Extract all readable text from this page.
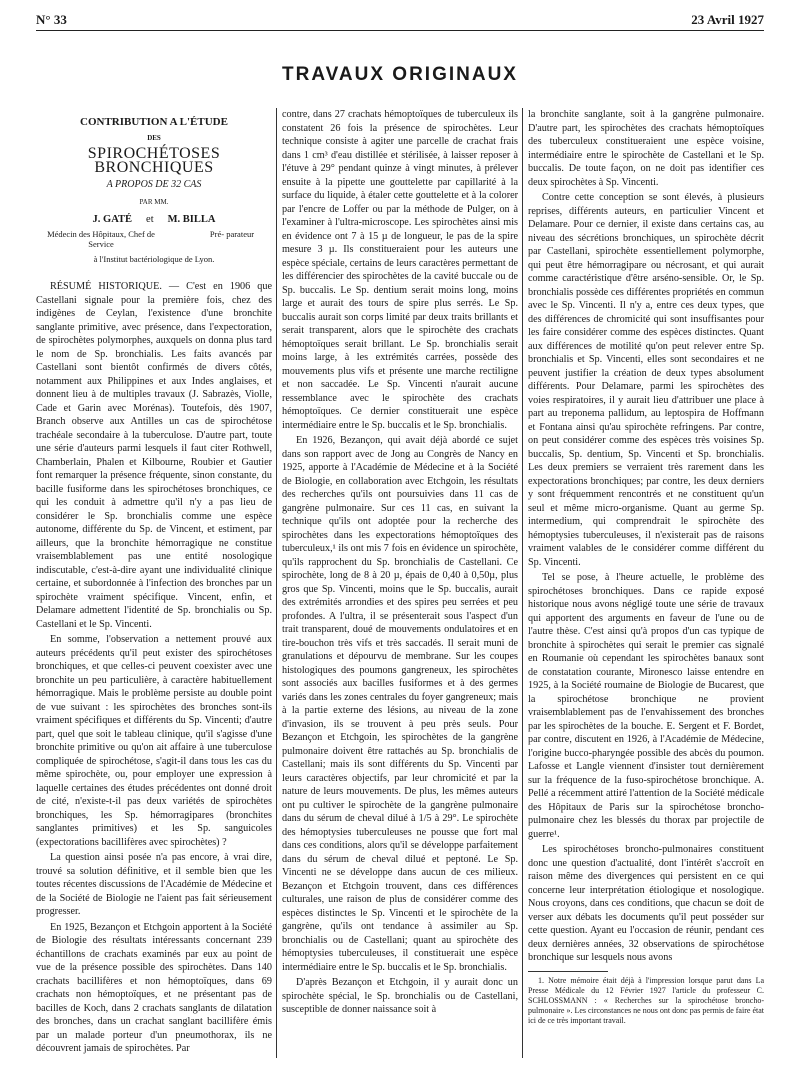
N° 33	23 Avril 1927
TRAVAUX ORIGINAUX
CONTRIBUTION A L'ÉTUDE
DES
SPIROCHÉTOSES BRONCHIQUES
A PROPOS DE 32 CAS
PAR MM.
J. GATÉ et M. BILLA
Médecin des Hôpitaux, Chef de Service
Pré- parateur
à l'Institut bactériologique de Lyon.

RÉSUMÉ HISTORIQUE. — C'est en 1906 que Castellani signale pour la première fois, chez des indigènes de Ceylan, l'existence d'une bronchite sanglante primitive, avec présence, dans l'expectoration, de spirochètes polymorphes, auxquels on donna plus tard le nom de Sp. bronchialis. Les faits avancés par Castellani sont bientôt confirmés de divers côtés, notamment aux Philippines et aux Indes anglaises, et donnent lieu à de multiples travaux (J. Sabrazès, Violle, Cade et Garin avec Morénas). Toutefois, dès 1907, Branch observe aux Antilles un cas de spirochétose trachéale secondaire à la tuberculose. D'autre part, toute une série d'auteurs parmi lesquels il faut citer Rothwell, Chamberlain, Phalen et Kilbourne, Roubier et Gautier font remarquer la présence fréquente, sinon constante, du bacille fusiforme dans les spirochétoses bronchiques, ce qui les conduit à admettre qu'il n'y a pas lieu de considérer le Sp. bronchialis comme une espèce autonome, différente du Sp. de Vincent, et estiment, par ailleurs, que la bronchite hémorragique ne constitue vraisemblablement pas une entité nosologique indiscutable, c'est-à-dire ayant une individualité clinique certaine, et subordonnée à l'infection des bronches par un spirochète vraiment spécifique. Vincent, enfin, et Delamare admettent l'identité de Sp. bronchialis ou Sp. Castellani et le Sp. Vincenti.

En somme, l'observation a nettement prouvé aux auteurs précédents qu'il peut exister des spirochétoses bronchiques, et que celles-ci peuvent coexister avec une bronchite un peu particulière, à caractère habituellement hémorragique. Mais le problème persiste au double point de vue suivant : les spirochètes des bronches sont-ils vraiment spécifiques et différents du Sp. Vincenti; d'autre part, quel que soit le tableau clinique, qu'il s'agisse d'une bronchite primitive ou qu'on ait affaire à une tuberculose compliquée de spirochétose, s'agit-il dans tous les cas du même spirochète, ou, pour employer une expression à laquelle certaines des études précédentes ont donné droit de cité, n'existe-t-il pas deux variétés de spirochètes bronchiques, les Sp. hémorragipares (bronchites sanglantes primitives) et les Sp. sanguicoles (expectorations bacillifères avec spirochètes) ?

La question ainsi posée n'a pas encore, à vrai dire, trouvé sa solution définitive, et il semble bien que les toutes récentes discussions de l'Académie de Médecine et de la Société de Biologie ne l'aient pas fait sérieusement progresser.

En 1925, Bezançon et Etchgoin apportent à la Société de Biologie des résultats intéressants concernant 239 échantillons de crachats examinés par eux au point de vue de la présence possible des spirochètes. Dans 140 crachats bacillifères et non hémoptoïques, dans 69 crachats non hémoptoïques, et ne présentant pas de bacilles de Koch, dans 2 crachats sanglants de dilatation des bronches, dans un crachat sanglant bacillifère émis par un malade porteur d'un pneumothorax, ils ne découvrent jamais de spirochètes. Par

contre, dans 27 crachats hémoptoïques de tuberculeux ils constatent 26 fois la présence de spirochètes. Leur technique consiste à agiter une parcelle de crachat frais dans 1 cm³ d'eau distillée et stérilisée, à laisser reposer à l'étuve à 29° pendant quinze à vingt minutes, à prélever ensuite à la pipette une gouttelette par capillarité à la surface du liquide, à étaler cette gouttelette et à la colorer par l'encre de Loffer ou par la méthode de Pulger, on à l'examiner à l'ultra-microscope. Les spirochètes ainsi mis en évidence ont 7 à 15 µ de longueur, le pas de la spire mesure 3 µ. Ils constitueraient pour les auteurs une espèce spéciale, certains de leurs caractères permettant de les différencier des spirochètes de la cavité buccale ou de Sp. buccalis. Le Sp. dentium serait moins long, moins large et aurait des tours de spire plus serrés. Le Sp. buccalis aurait son corps limité par deux traits brillants et serait transparent, alors que le spirochète des crachats hémoptoïques serait brillant. Le Sp. bronchialis serait moins large, à les extrémités carrées, possède des mouvements plus vifs et présente une marche rectiligne et non saccadée. Le Sp. Vincenti n'aurait aucune ressemblance avec le spirochète des crachats hémoptoïques. Ce dernier constituerait une espèce intermédiaire entre le Sp. buccalis et le Sp. bronchialis.

En 1926, Bezançon, qui avait déjà abordé ce sujet dans son rapport avec de Jong au Congrès de Nancy en 1925, apporte à l'Académie de Médecine et à la Société de Biologie, en collaboration avec Etchgoin, les résultats des recherches qu'ils ont poursuivies dans 11 cas de gangrène pulmonaire. Sur ces 11 cas, en suivant la technique qu'ils ont adoptée pour la recherche des spirochètes dans les expectorations hémoptoïques des tuberculeux,¹ ils ont mis 7 fois en évidence un spirochète, qu'ils rapprochent du Sp. bronchialis de Castellani. Ce spirochète, long de 8 à 20 µ, épais de 0,40 à 0,50µ, plus gros que Sp. Vincenti, moins que le Sp. buccalis, aurait des extrémités arrondies et des spires peu serrées et peu profondes. A l'ultra, il se présenterait sous l'aspect d'un trait transparent, doué de mouvements ondulatoires et en tire-bouchon très vifs et très saccadés. Il serait muni de granulations et dépourvu de membrane. Sur les coupes histologiques des poumons gangreneux, les spirochètes sont associés aux bacilles fusiformes et à des germes variés dans les zones centrales du foyer gangreneux; mais à la partie externe des lésions, au niveau de la zone d'invasion, ils se trouvent à peu près seuls. Pour Bezançon et Etchgoin, les spirochètes de la gangrène pulmonaire doivent être rattachés au Sp. bronchialis de Castellani; mais ils sont différents du Sp. Vincenti par leurs caractères objectifs, par leur chromicité et par la nature de leurs mouvements. De plus, les mêmes auteurs ont pu cultiver le spirochète de la gangrène pulmonaire dans du sérum de cheval dilué à 1/5 à 29°. Le spirochète des hémoptysies tuberculeuses ne pousse que fort mal dans ces conditions, alors qu'il se développe parfaitement dans du sérum de cheval dilué et peptoné. Le Sp. Vincenti ne se développe dans aucun de ces milieux. Bezançon et Etchgoin trouvent, dans ces différences culturales, une raison de plus de considérer comme des espèces distinctes le Sp. Vincenti et le spirochète de la gangrène, qu'ils ont tendance à assimiler au Sp. bronchialis ou de Castellani; quant au spirochète des hémoptysies tuberculeuses, il constituerait une espèce intermédiaire entre le Sp. buccalis et le Sp. bronchialis.

D'après Bezançon et Etchgoin, il y aurait donc un spirochète spécial, le Sp. bronchialis ou de Castellani, susceptible de donner naissance soit à

la bronchite sanglante, soit à la gangrène pulmonaire. D'autre part, les spirochètes des crachats hémoptoïques des tuberculeux constitueraient une espèce voisine, intermédiaire entre le spirochète de Castellani et le Sp. buccalis. De toute façon, on ne doit pas identifier ces deux spirochètes à Sp. Vincenti.

Contre cette conception se sont élevés, à plusieurs reprises, différents auteurs, en particulier Vincent et Delamare. Pour ce dernier, il existe dans certains cas, au niveau des sécrétions bronchiques, un spirochète décrit par Castellani, spirochète essentiellement polymorphe, qui peut être hémorragipare ou nécrosant, et qui aurait comme caractéristique d'être arséno-sensible. Or, le Sp. bronchialis possède ces différentes propriétés en commun avec le Sp. Vincenti. Il n'y a, entre ces deux types, que des différences de chromicité qui sont insuffisantes pour les faire considérer comme des espèces distinctes. Quant aux différences de motilité qu'on peut relever entre Sp. bronchialis et Sp. Vincenti, elles sont secondaires et ne peuvent justifier la création de deux types absolument différents. Pour Delamare, parmi les spirochètes des voies respiratoires, il y aurait lieu d'attribuer une place à part au treponema pallidum, au leptospira de Hoffmann et Fontana ainsi qu'au spirochète refringens. Par contre, on peut considérer comme des espèces très voisines Sp. buccalis, Sp. dentium, Sp. Vincenti et Sp. bronchialis. Les deux premiers se verraient très rarement dans les expectorations bronchiques; par contre, les deux derniers y sont fréquemment rencontrés et ne constituent qu'un seul et même micro-organisme. Quant au germe Sp. intermedium, qui comprendrait le spirochète des hémoptysies tuberculeuses, il n'existerait pas de raisons vraiment valables de le considérer comme différent du Sp. Vincenti.

Tel se pose, à l'heure actuelle, le problème des spirochétoses bronchiques. Dans ce rapide exposé historique nous avons négligé toute une série de travaux qui apportent des arguments en faveur de l'une ou de l'autre thèse. C'est ainsi qu'à propos d'un cas typique de bronchite à spirochètes qui serait le premier cas signalé en Roumanie où cependant les spirochètes banaux sont de constatation courante, Mironesco laisse entendre en 1925, à la Société roumaine de Biologie de Bucarest, que la spirochétose bronchique ne provient vraisemblablement pas de l'envahissement des bronches par les spirochètes de la bouche. E. Sergent et F. Bordet, par contre, discutent en 1926, à l'Académie de Médecine, l'origine bucco-pharyngée possible des abcès du poumon. Lafosse et Langle viennent d'insister tout dernièrement sur la fréquence de la fuso-spirochétose bronchique. A. Pellé a récemment attiré l'attention de la Société médicale des Hôpitaux de Paris sur la spirochétose broncho-pulmonaire chez les blessés du thorax par projectile de guerre¹.

Les spirochétoses broncho-pulmonaires constituent donc une question d'actualité, dont l'intérêt s'accroît en raison même des divergences qui persistent en ce qui concerne leur interprétation étiologique et nosologique. Nous croyons, dans ces conditions, que chacun se doit de verser aux débats les documents qu'il peut posséder sur cette question. Ayant eu l'occasion de réunir, pendant ces deux dernières années, 32 observations de spirochétose bronchique sur lesquels nous avons

1. Notre mémoire était déjà à l'impression lorsque parut dans La Presse Médicale du 12 Février 1927 l'article du professeur C. SCHLOSSMANN : « Recherches sur la spirochétose broncho-pulmonaire ». Les circonstances ne nous ont donc pas permis de faire état ici de ce très important travail.
